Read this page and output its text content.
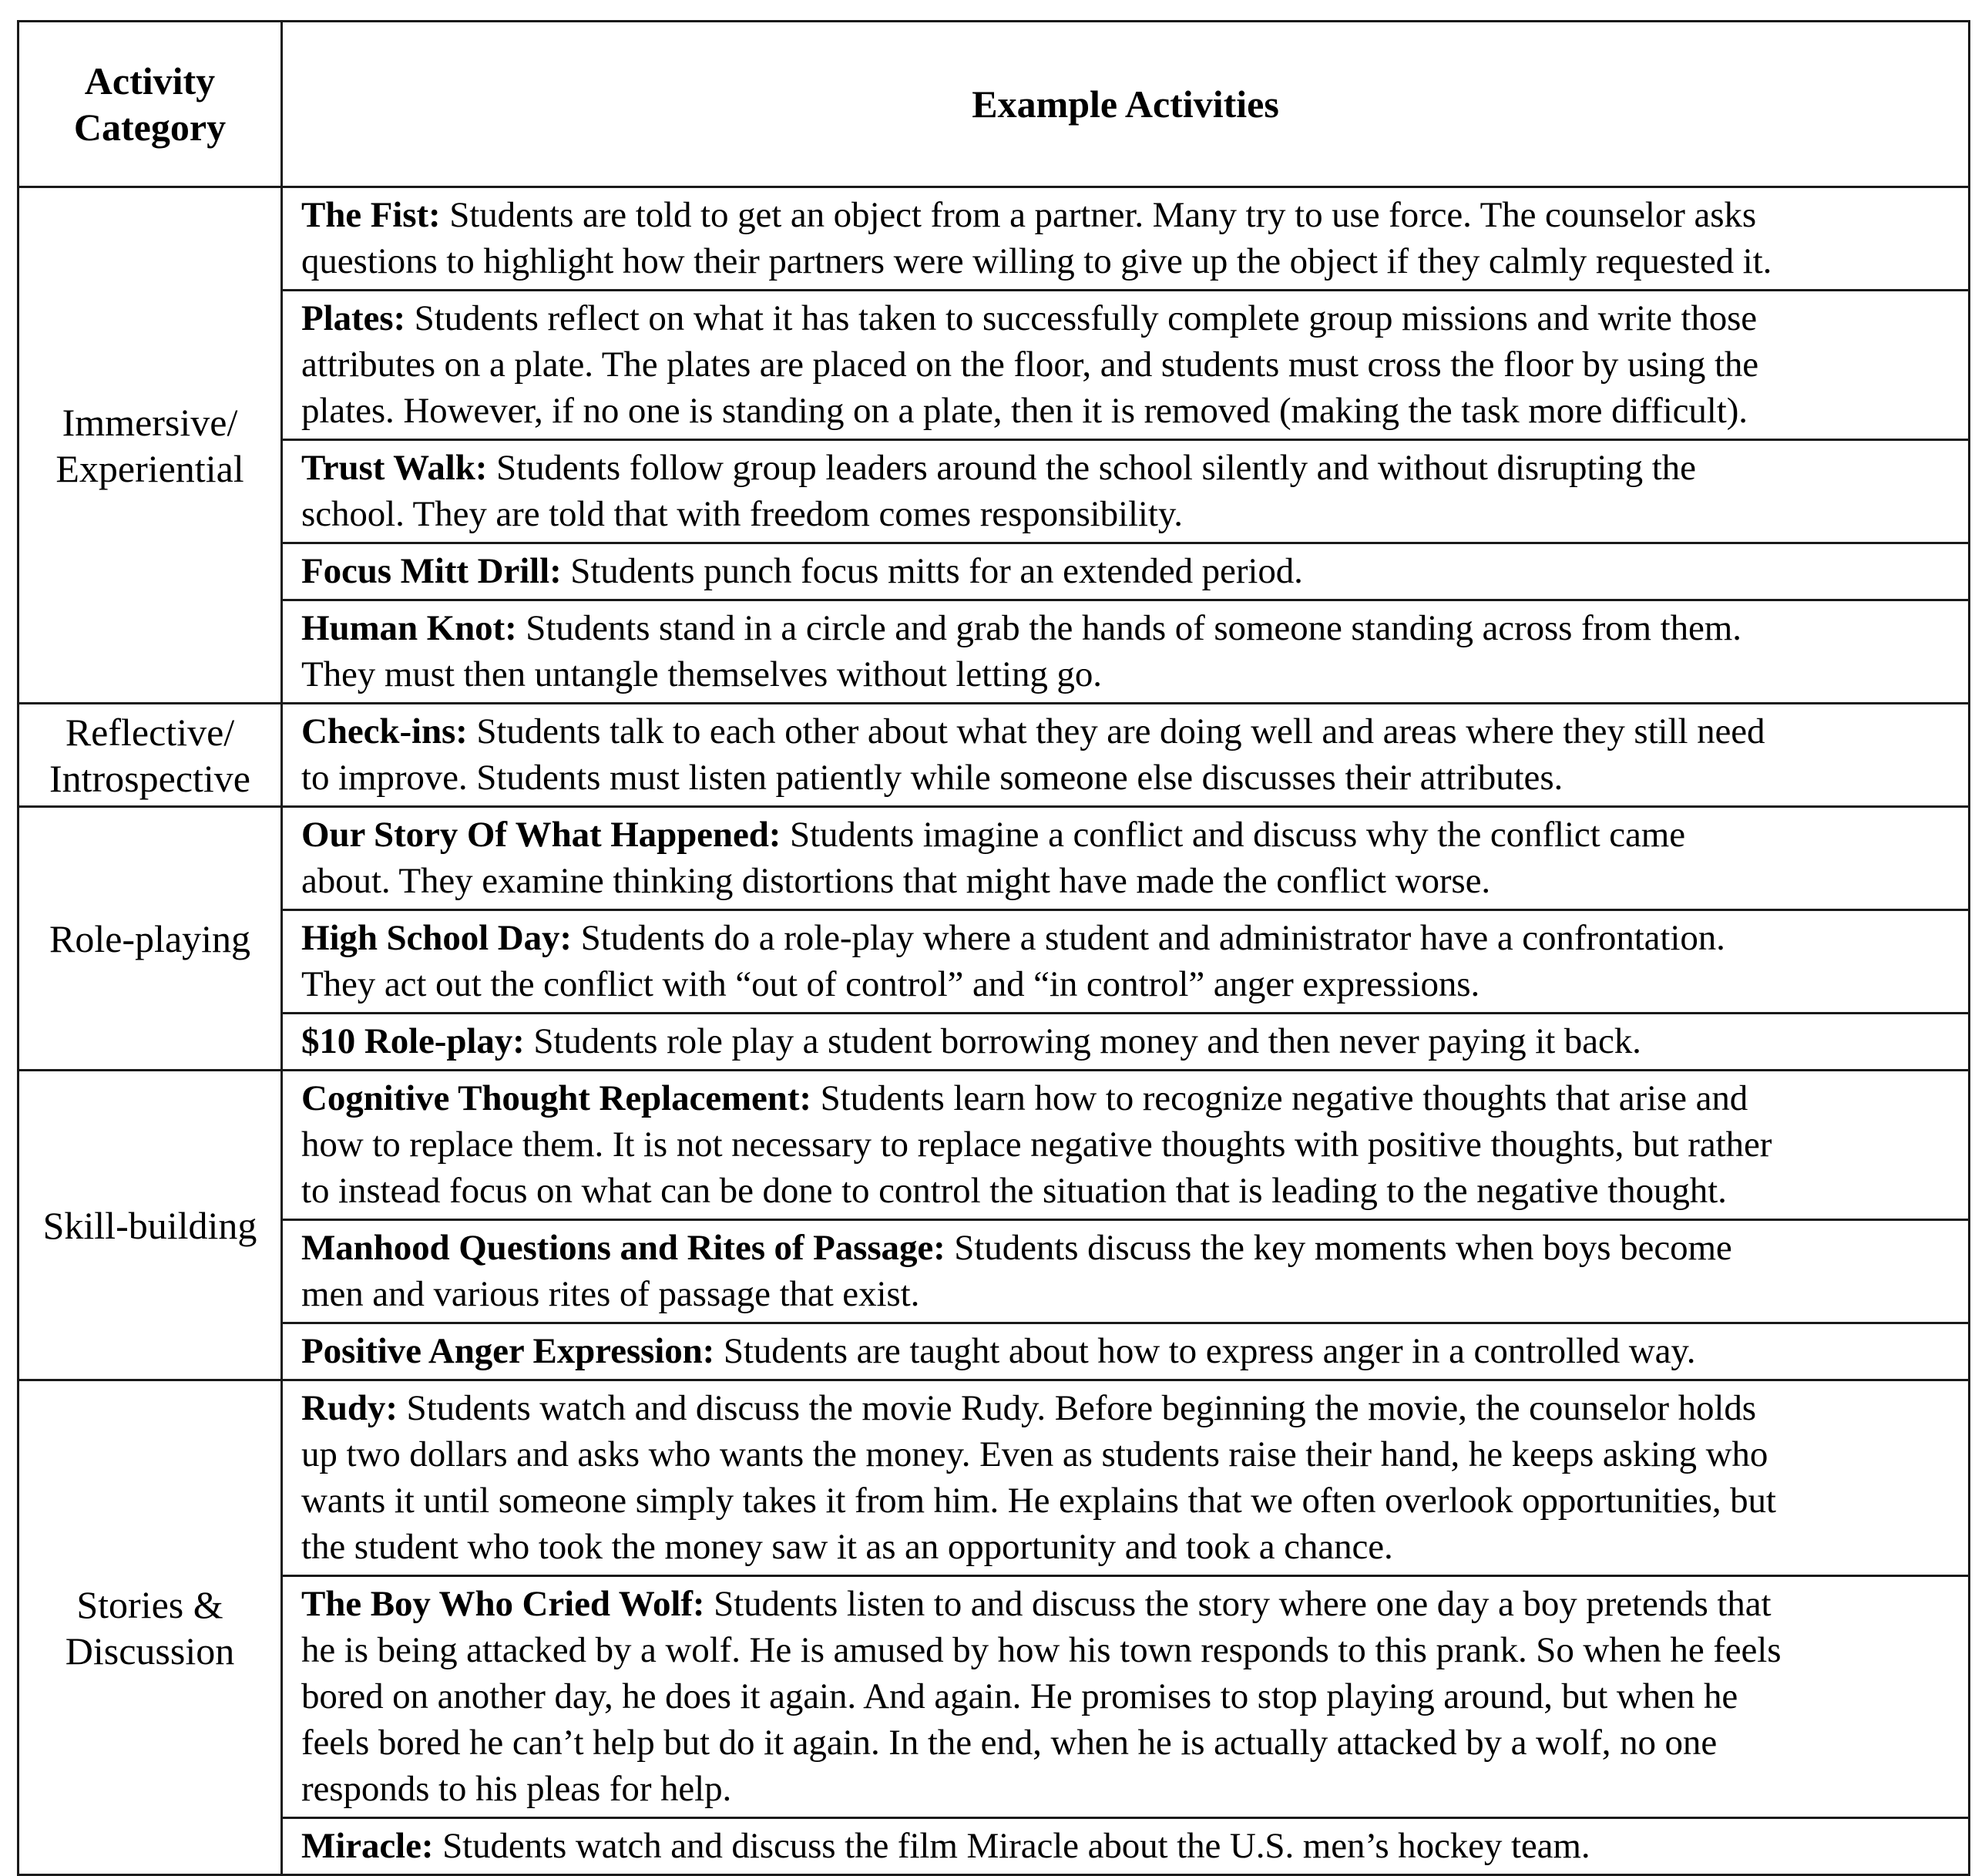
Activity
Category	Example Activities

Immersive/
Experiential	The Fist: Students are told to get an object from a partner. Many try to use force. The counselor asks
questions to highlight how their partners were willing to give up the object if they calmly requested it.

	Plates: Students reflect on what it has taken to successfully complete group missions and write those
attributes on a plate. The plates are placed on the floor, and students must cross the floor by using the
plates. However, if no one is standing on a plate, then it is removed (making the task more difficult).

	Trust Walk: Students follow group leaders around the school silently and without disrupting the
school. They are told that with freedom comes responsibility.

	Focus Mitt Drill: Students punch focus mitts for an extended period.

	Human Knot: Students stand in a circle and grab the hands of someone standing across from them.
They must then untangle themselves without letting go.

Reflective/
Introspective	Check-ins: Students talk to each other about what they are doing well and areas where they still need
to improve. Students must listen patiently while someone else discusses their attributes.

Role-playing	Our Story Of What Happened: Students imagine a conflict and discuss why the conflict came
about. They examine thinking distortions that might have made the conflict worse.

	High School Day: Students do a role-play where a student and administrator have a confrontation.
They act out the conflict with “out of control” and “in control” anger expressions.

	$10 Role-play: Students role play a student borrowing money and then never paying it back.

Skill-building	Cognitive Thought Replacement: Students learn how to recognize negative thoughts that arise and
how to replace them. It is not necessary to replace negative thoughts with positive thoughts, but rather
to instead focus on what can be done to control the situation that is leading to the negative thought.

	Manhood Questions and Rites of Passage: Students discuss the key moments when boys become
men and various rites of passage that exist.

	Positive Anger Expression: Students are taught about how to express anger in a controlled way.

Stories &
Discussion	Rudy: Students watch and discuss the movie Rudy. Before beginning the movie, the counselor holds
up two dollars and asks who wants the money. Even as students raise their hand, he keeps asking who
wants it until someone simply takes it from him. He explains that we often overlook opportunities, but
the student who took the money saw it as an opportunity and took a chance.

	The Boy Who Cried Wolf: Students listen to and discuss the story where one day a boy pretends that
he is being attacked by a wolf. He is amused by how his town responds to this prank. So when he feels
bored on another day, he does it again. And again. He promises to stop playing around, but when he
feels bored he can’t help but do it again. In the end, when he is actually attacked by a wolf, no one
responds to his pleas for help.

	Miracle: Students watch and discuss the film Miracle about the U.S. men’s hockey team.
